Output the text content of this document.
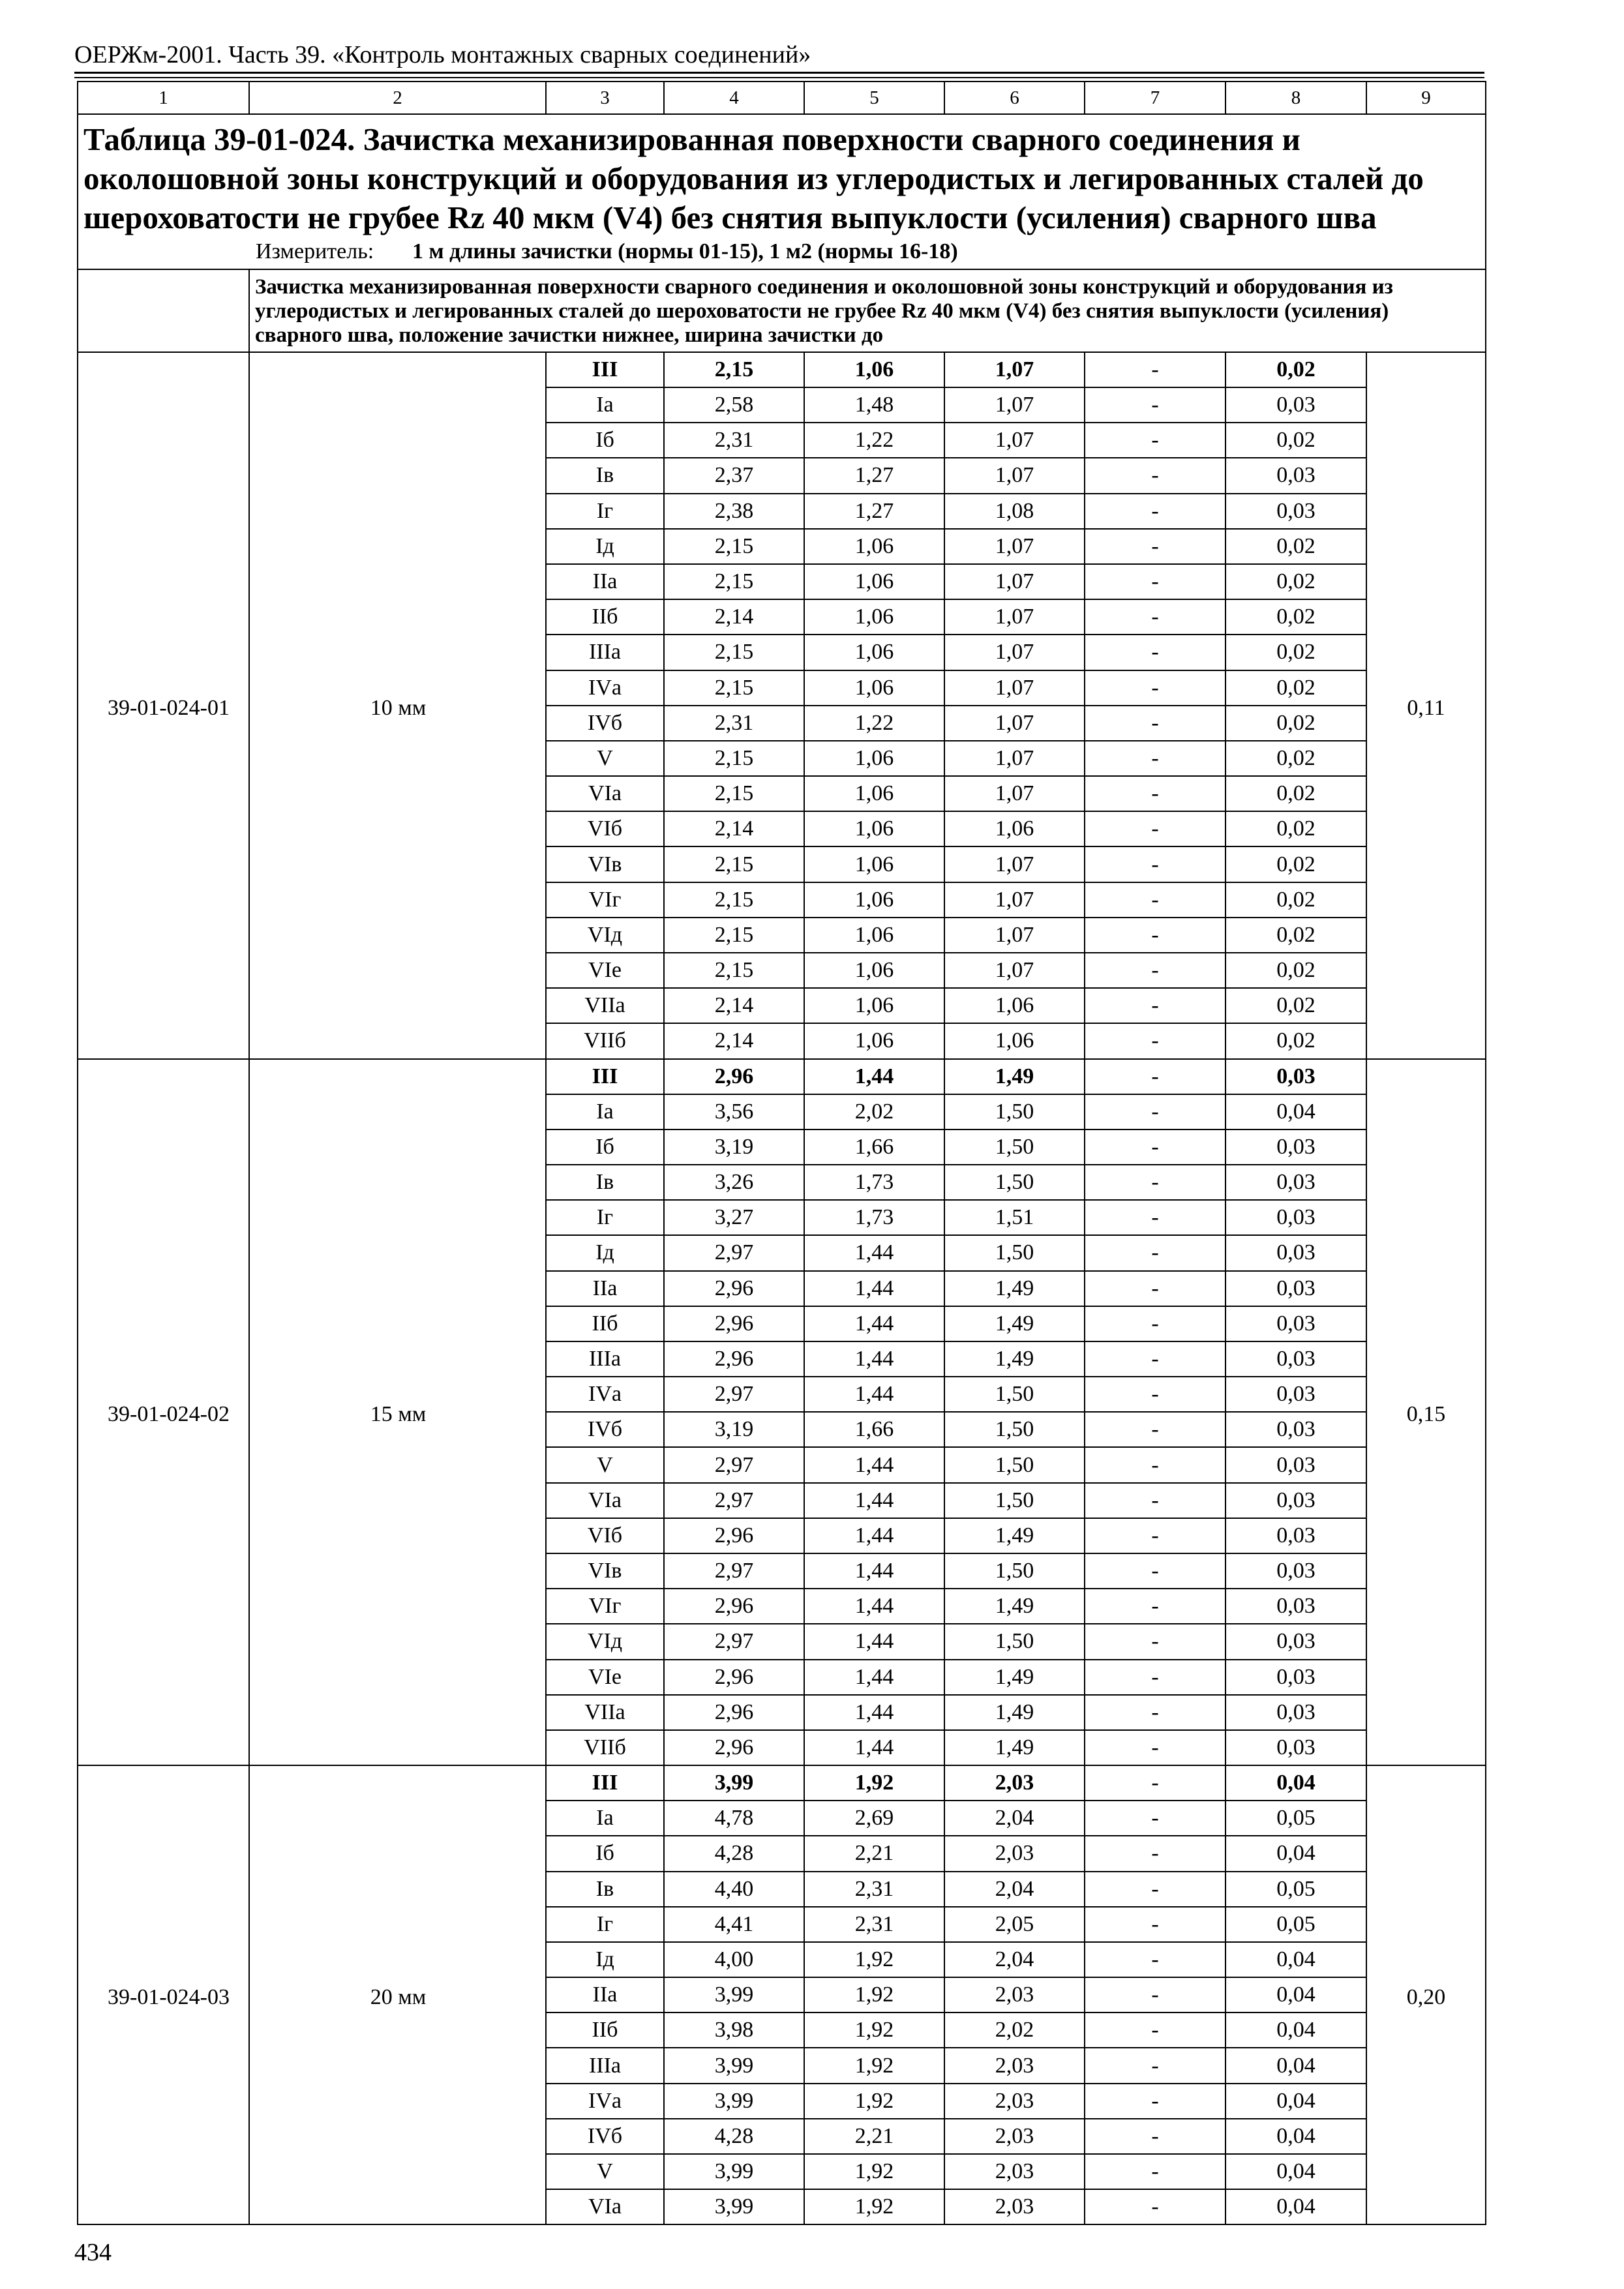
ОЕРЖм-2001. Часть 39. «Контроль монтажных сварных соединений»
1	2	3	4	5	6	7	8	9

Таблица 39-01-024. Зачистка механизированная поверхности сварного соединения и околошовной зоны конструкций и оборудования из углеродистых и легированных сталей до шероховатости не грубее Rz 40 мкм (V4) без снятия выпуклости (усиления) сварного шва
Измеритель: 1 м длины зачистки (нормы 01-15), 1 м2 (нормы 16-18)								

	Зачистка механизированная поверхности сварного соединения и околошовной зоны конструкций и оборудования из углеродистых и легированных сталей до шероховатости не грубее Rz 40 мкм (V4) без снятия выпуклости (усиления) сварного шва, положение зачистки нижнее, ширина зачистки до							
39-01-024-01	10 мм	III	2,15	1,06	1,07	-	0,02	0,11
		Iа	2,58	1,48	1,07	-	0,03	
		Iб	2,31	1,22	1,07	-	0,02	
		Iв	2,37	1,27	1,07	-	0,03	
		Iг	2,38	1,27	1,08	-	0,03	
		Iд	2,15	1,06	1,07	-	0,02	
		IIа	2,15	1,06	1,07	-	0,02	
		IIб	2,14	1,06	1,07	-	0,02	
		IIIа	2,15	1,06	1,07	-	0,02	
		IVа	2,15	1,06	1,07	-	0,02	
		IVб	2,31	1,22	1,07	-	0,02	
		V	2,15	1,06	1,07	-	0,02	
		VIа	2,15	1,06	1,07	-	0,02	
		VIб	2,14	1,06	1,06	-	0,02	
		VIв	2,15	1,06	1,07	-	0,02	
		VIг	2,15	1,06	1,07	-	0,02	
		VIд	2,15	1,06	1,07	-	0,02	
		VIе	2,15	1,06	1,07	-	0,02	
		VIIа	2,14	1,06	1,06	-	0,02	
		VIIб	2,14	1,06	1,06	-	0,02	
39-01-024-02	15 мм	III	2,96	1,44	1,49	-	0,03	0,15
		Iа	3,56	2,02	1,50	-	0,04	
		Iб	3,19	1,66	1,50	-	0,03	
		Iв	3,26	1,73	1,50	-	0,03	
		Iг	3,27	1,73	1,51	-	0,03	
		Iд	2,97	1,44	1,50	-	0,03	
		IIа	2,96	1,44	1,49	-	0,03	
		IIб	2,96	1,44	1,49	-	0,03	
		IIIа	2,96	1,44	1,49	-	0,03	
		IVа	2,97	1,44	1,50	-	0,03	
		IVб	3,19	1,66	1,50	-	0,03	
		V	2,97	1,44	1,50	-	0,03	
		VIа	2,97	1,44	1,50	-	0,03	
		VIб	2,96	1,44	1,49	-	0,03	
		VIв	2,97	1,44	1,50	-	0,03	
		VIг	2,96	1,44	1,49	-	0,03	
		VIд	2,97	1,44	1,50	-	0,03	
		VIе	2,96	1,44	1,49	-	0,03	
		VIIа	2,96	1,44	1,49	-	0,03	
		VIIб	2,96	1,44	1,49	-	0,03	
39-01-024-03	20 мм	III	3,99	1,92	2,03	-	0,04	0,20
		Iа	4,78	2,69	2,04	-	0,05	
		Iб	4,28	2,21	2,03	-	0,04	
		Iв	4,40	2,31	2,04	-	0,05	
		Iг	4,41	2,31	2,05	-	0,05	
		Iд	4,00	1,92	2,04	-	0,04	
		IIа	3,99	1,92	2,03	-	0,04	
		IIб	3,98	1,92	2,02	-	0,04	
		IIIа	3,99	1,92	2,03	-	0,04	
		IVа	3,99	1,92	2,03	-	0,04	
		IVб	4,28	2,21	2,03	-	0,04	
		V	3,99	1,92	2,03	-	0,04	
		VIа	3,99	1,92	2,03	-	0,04	
434
